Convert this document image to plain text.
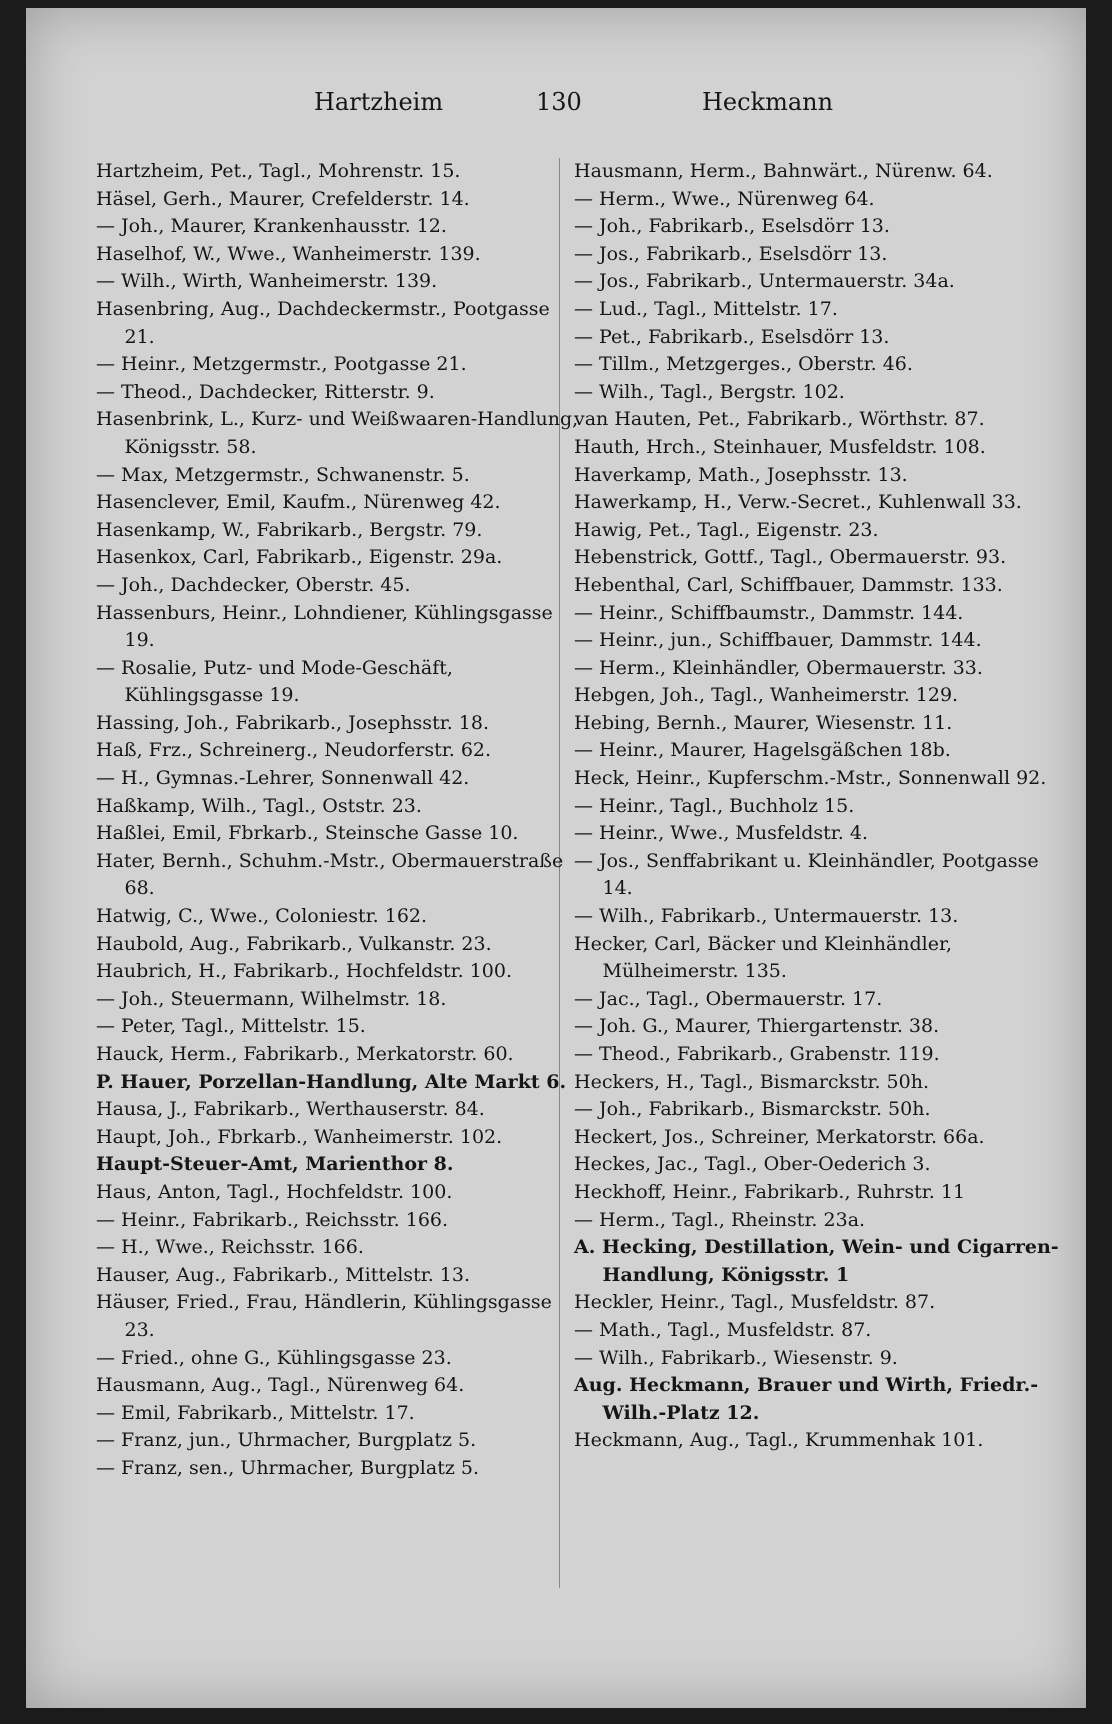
Hartzheim	130	Heckmann
Hartzheim, Pet., Tagl., Mohrenstr. 15.
Häsel, Gerh., Maurer, Crefelderstr. 14.
— Joh., Maurer, Krankenhausstr. 12.
Haselhof, W., Wwe., Wanheimerstr. 139.
— Wilh., Wirth, Wanheimerstr. 139.
Hasenbring, Aug., Dachdeckermstr., Pootgasse 21.
— Heinr., Metzgermstr., Pootgasse 21.
— Theod., Dachdecker, Ritterstr. 9.
Hasenbrink, L., Kurz- und Weißwaaren-Handlung, Königsstr. 58.
— Max, Metzgermstr., Schwanenstr. 5.
Hasenclever, Emil, Kaufm., Nürenweg 42.
Hasenkamp, W., Fabrikarb., Bergstr. 79.
Hasenkox, Carl, Fabrikarb., Eigenstr. 29a.
— Joh., Dachdecker, Oberstr. 45.
Hassenburs, Heinr., Lohndiener, Kühlingsgasse 19.
— Rosalie, Putz- und Mode-Geschäft, Kühlingsgasse 19.
Hassing, Joh., Fabrikarb., Josephsstr. 18.
Haß, Frz., Schreinerg., Neudorferstr. 62.
— H., Gymnas.-Lehrer, Sonnenwall 42.
Haßkamp, Wilh., Tagl., Oststr. 23.
Haßlei, Emil, Fbrkarb., Steinsche Gasse 10.
Hater, Bernh., Schuhm.-Mstr., Obermauerstraße 68.
Hatwig, C., Wwe., Coloniestr. 162.
Haubold, Aug., Fabrikarb., Vulkanstr. 23.
Haubrich, H., Fabrikarb., Hochfeldstr. 100.
— Joh., Steuermann, Wilhelmstr. 18.
— Peter, Tagl., Mittelstr. 15.
Hauck, Herm., Fabrikarb., Merkatorstr. 60.
P. Hauer, Porzellan-Handlung, Alte Markt 6.
Hausa, J., Fabrikarb., Werthauserstr. 84.
Haupt, Joh., Fbrkarb., Wanheimerstr. 102.
Haupt-Steuer-Amt, Marienthor 8.
Haus, Anton, Tagl., Hochfeldstr. 100.
— Heinr., Fabrikarb., Reichsstr. 166.
— H., Wwe., Reichsstr. 166.
Hauser, Aug., Fabrikarb., Mittelstr. 13.
Häuser, Fried., Frau, Händlerin, Kühlingsgasse 23.
— Fried., ohne G., Kühlingsgasse 23.
Hausmann, Aug., Tagl., Nürenweg 64.
— Emil, Fabrikarb., Mittelstr. 17.
— Franz, jun., Uhrmacher, Burgplatz 5.
— Franz, sen., Uhrmacher, Burgplatz 5.
Hausmann, Herm., Bahnwärt., Nürenw. 64.
— Herm., Wwe., Nürenweg 64.
— Joh., Fabrikarb., Eselsdörr 13.
— Jos., Fabrikarb., Eselsdörr 13.
— Jos., Fabrikarb., Untermauerstr. 34a.
— Lud., Tagl., Mittelstr. 17.
— Pet., Fabrikarb., Eselsdörr 13.
— Tillm., Metzgerges., Oberstr. 46.
— Wilh., Tagl., Bergstr. 102.
van Hauten, Pet., Fabrikarb., Wörthstr. 87.
Hauth, Hrch., Steinhauer, Musfeldstr. 108.
Haverkamp, Math., Josephsstr. 13.
Hawerkamp, H., Verw.-Secret., Kuhlenwall 33.
Hawig, Pet., Tagl., Eigenstr. 23.
Hebenstrick, Gottf., Tagl., Obermauerstr. 93.
Hebenthal, Carl, Schiffbauer, Dammstr. 133.
— Heinr., Schiffbaumstr., Dammstr. 144.
— Heinr., jun., Schiffbauer, Dammstr. 144.
— Herm., Kleinhändler, Obermauerstr. 33.
Hebgen, Joh., Tagl., Wanheimerstr. 129.
Hebing, Bernh., Maurer, Wiesenstr. 11.
— Heinr., Maurer, Hagelsgäßchen 18b.
Heck, Heinr., Kupferschm.-Mstr., Sonnenwall 92.
— Heinr., Tagl., Buchholz 15.
— Heinr., Wwe., Musfeldstr. 4.
— Jos., Senffabrikant u. Kleinhändler, Pootgasse 14.
— Wilh., Fabrikarb., Untermauerstr. 13.
Hecker, Carl, Bäcker und Kleinhändler, Mülheimerstr. 135.
— Jac., Tagl., Obermauerstr. 17.
— Joh. G., Maurer, Thiergartenstr. 38.
— Theod., Fabrikarb., Grabenstr. 119.
Heckers, H., Tagl., Bismarckstr. 50h.
— Joh., Fabrikarb., Bismarckstr. 50h.
Heckert, Jos., Schreiner, Merkatorstr. 66a.
Heckes, Jac., Tagl., Ober-Oederich 3.
Heckhoff, Heinr., Fabrikarb., Ruhrstr. 11
— Herm., Tagl., Rheinstr. 23a.
A. Hecking, Destillation, Wein- und Cigarren-Handlung, Königsstr. 1
Heckler, Heinr., Tagl., Musfeldstr. 87.
— Math., Tagl., Musfeldstr. 87.
— Wilh., Fabrikarb., Wiesenstr. 9.
Aug. Heckmann, Brauer und Wirth, Friedr.-Wilh.-Platz 12.
Heckmann, Aug., Tagl., Krummenhak 101.
